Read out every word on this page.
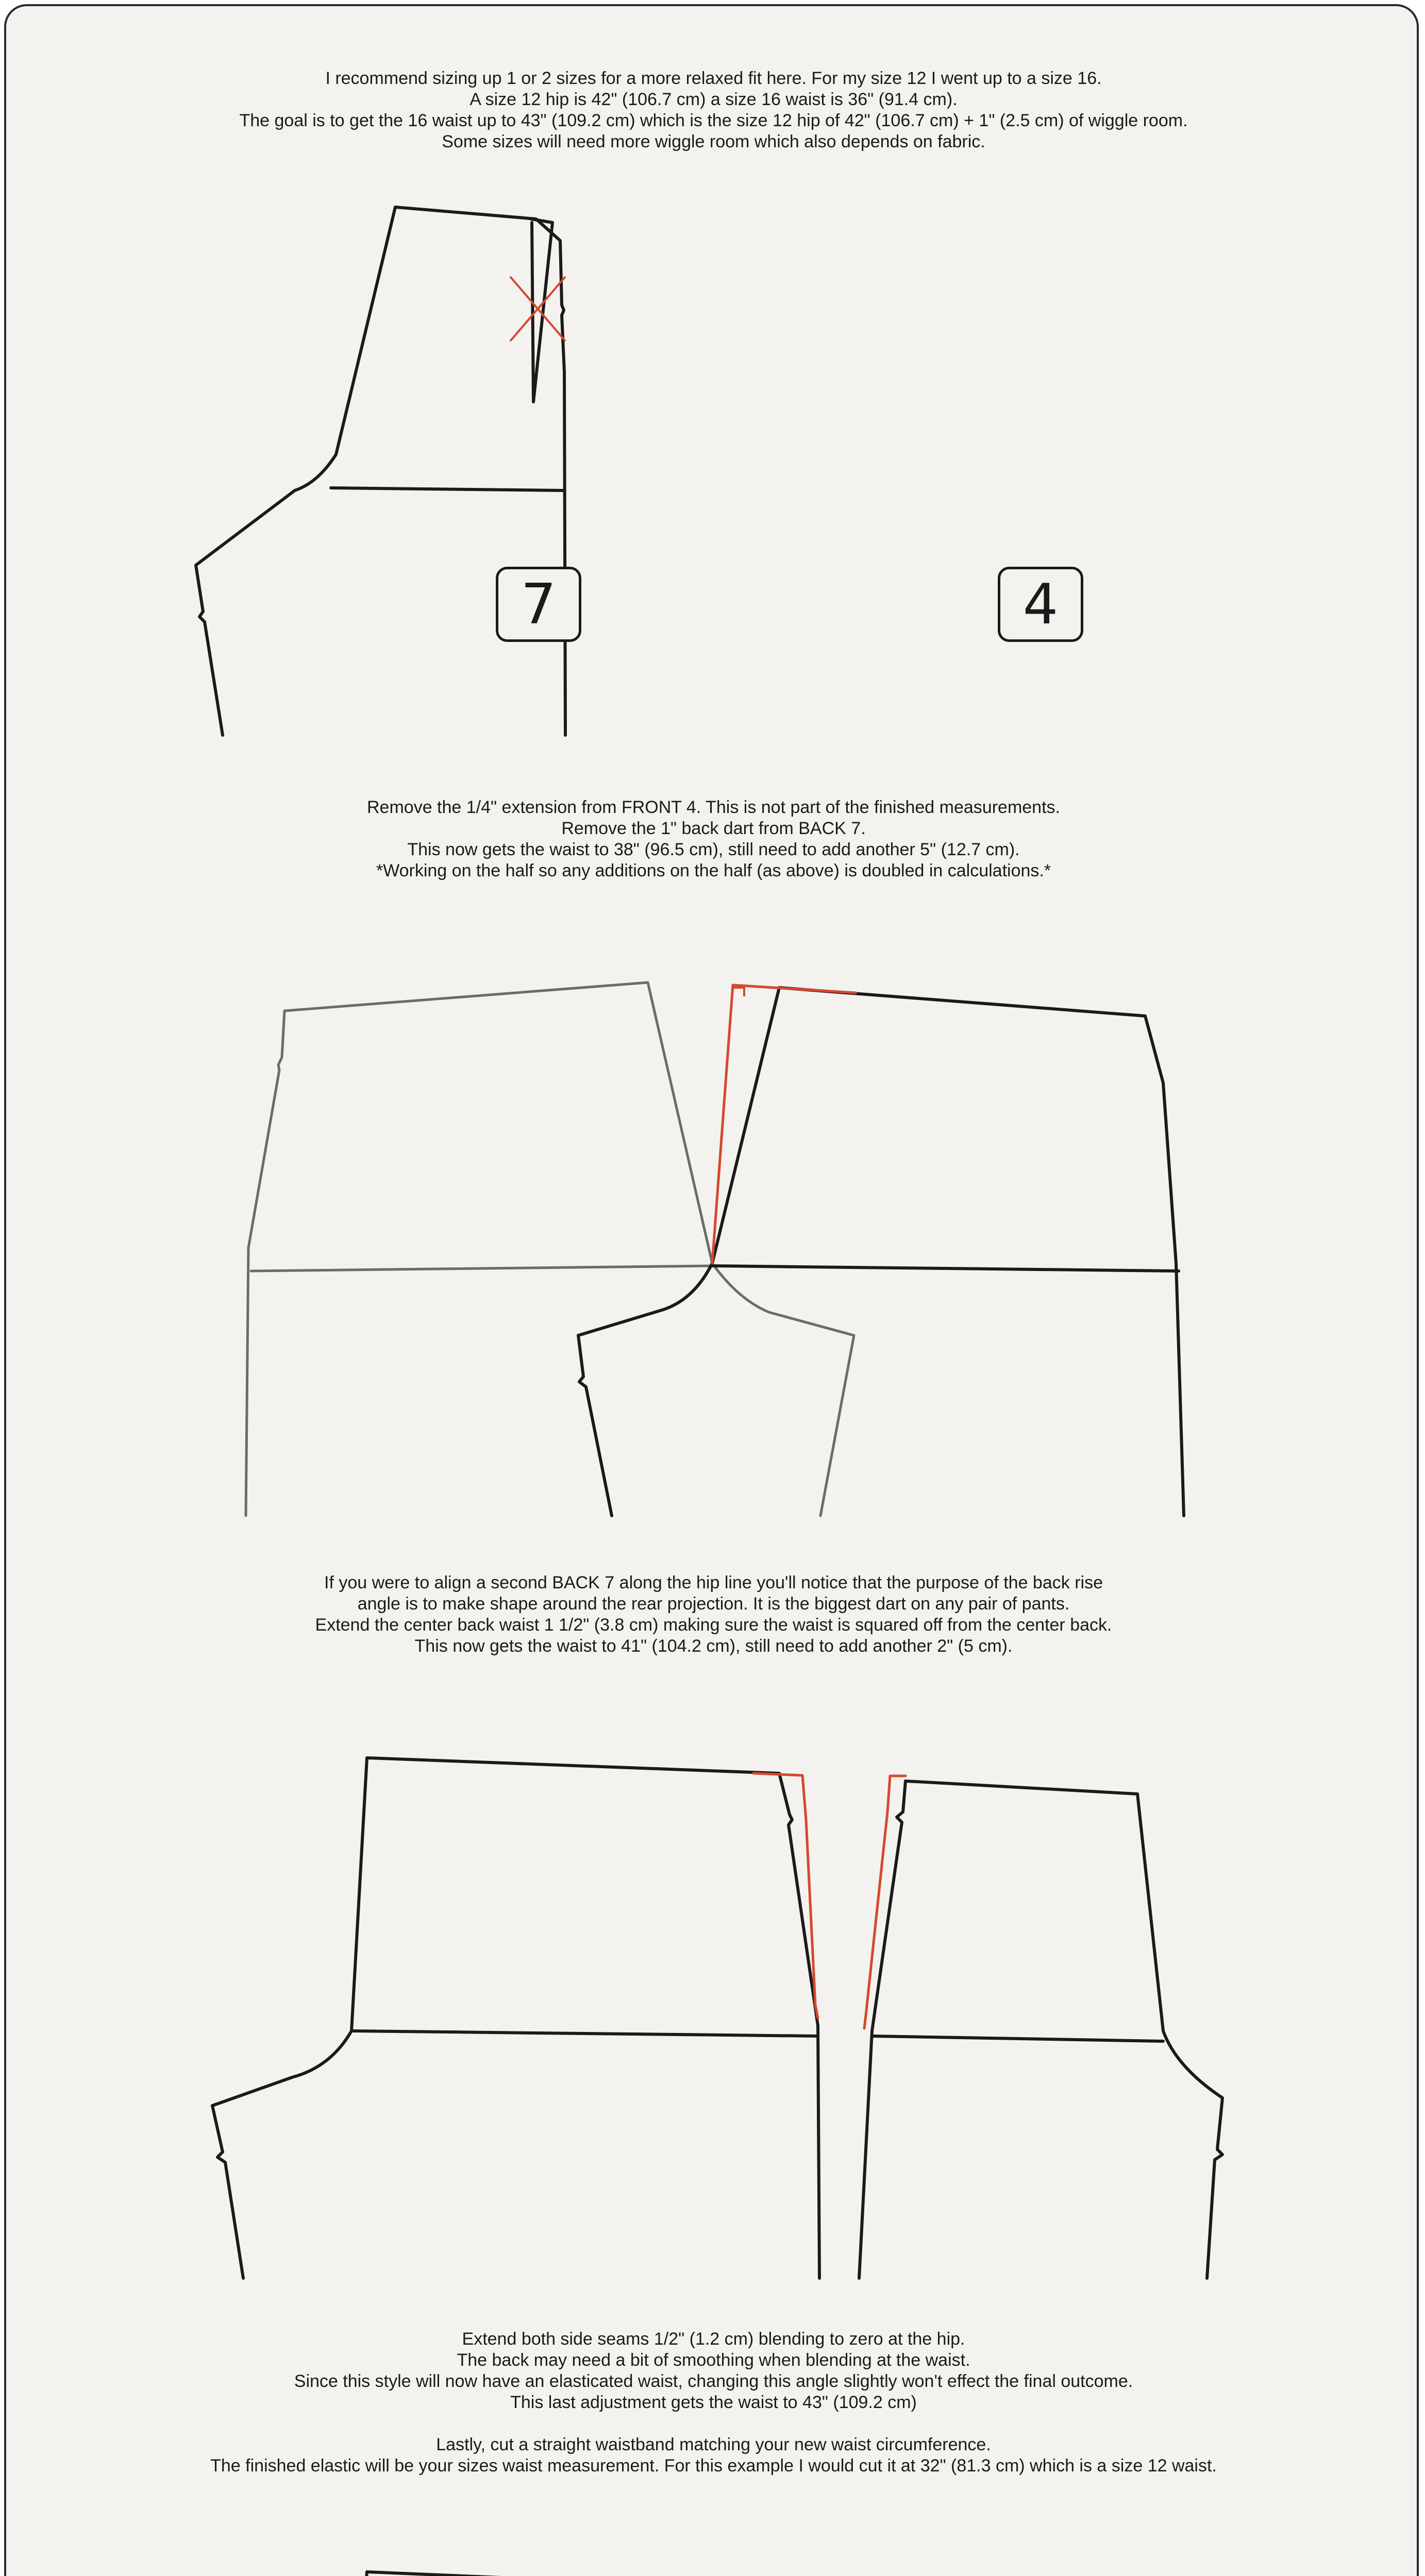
I recommend sizing up 1 or 2 sizes for a more relaxed fit here. For my size 12 I went up to a size 16.
A size 12 hip is 42" (106.7 cm) a size 16 waist is 36" (91.4 cm).
The goal is to get the 16 waist up to 43" (109.2 cm) which is the size 12 hip of 42" (106.7 cm) + 1" (2.5 cm) of wiggle room.
Some sizes will need more wiggle room which also depends on fabric.
7	4
Remove the 1/4" extension from FRONT 4. This is not part of the finished measurements.
Remove the 1" back dart from BACK 7.
This now gets the waist to 38" (96.5 cm), still need to add another 5" (12.7 cm).
*Working on the half so any additions on the half (as above) is doubled in calculations.*
If you were to align a second BACK 7 along the hip line you'll notice that the purpose of the back rise
angle is to make shape around the rear projection. It is the biggest dart on any pair of pants.
Extend the center back waist 1 1/2" (3.8 cm) making sure the waist is squared off from the center back.
This now gets the waist to 41" (104.2 cm), still need to add another 2" (5 cm).
Extend both side seams 1/2" (1.2 cm) blending to zero at the hip.
The back may need a bit of smoothing when blending at the waist.
Since this style will now have an elasticated waist, changing this angle slightly won't effect the final outcome.
This last adjustment gets the waist to 43" (109.2 cm)
Lastly, cut a straight waistband matching your new waist circumference.
The finished elastic will be your sizes waist measurement. For this example I would cut it at 32" (81.3 cm) which is a size 12 waist.
